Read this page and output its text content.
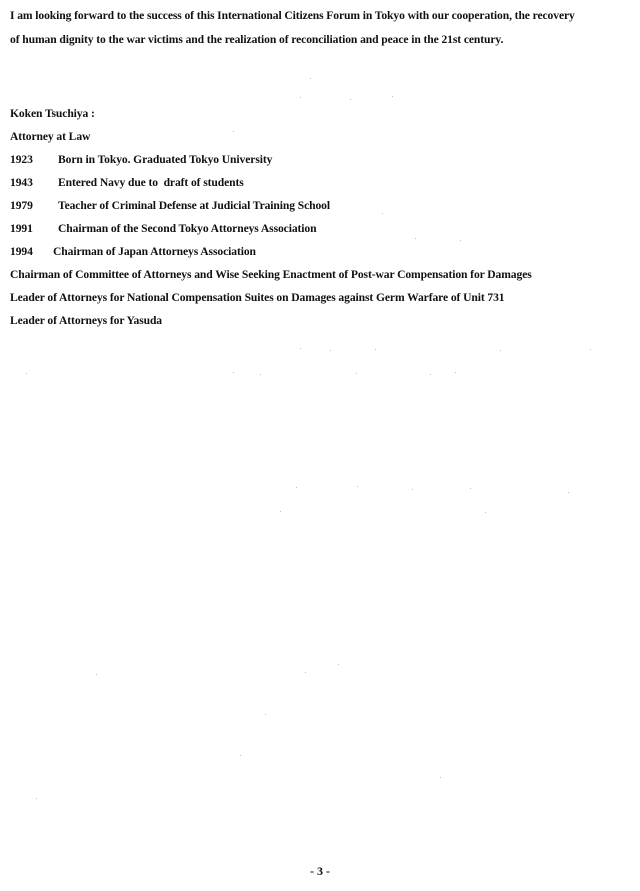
I am looking forward to the success of this International Citizens Forum in Tokyo with our cooperation, the recovery

of human dignity to the war victims and the realization of reconciliation and peace in the 21st century.

Koken Tsuchiya :
Attorney at Law
1923	Born in Tokyo. Graduated Tokyo University
1943	Entered Navy due to  draft of students
1979	Teacher of Criminal Defense at Judicial Training School
1991	Chairman of the Second Tokyo Attorneys Association
1994	Chairman of Japan Attorneys Association
Chairman of Committee of Attorneys and Wise Seeking Enactment of Post-war Compensation for Damages
Leader of Attorneys for National Compensation Suites on Damages against Germ Warfare of Unit 731
Leader of Attorneys for Yasuda
- 3 -
